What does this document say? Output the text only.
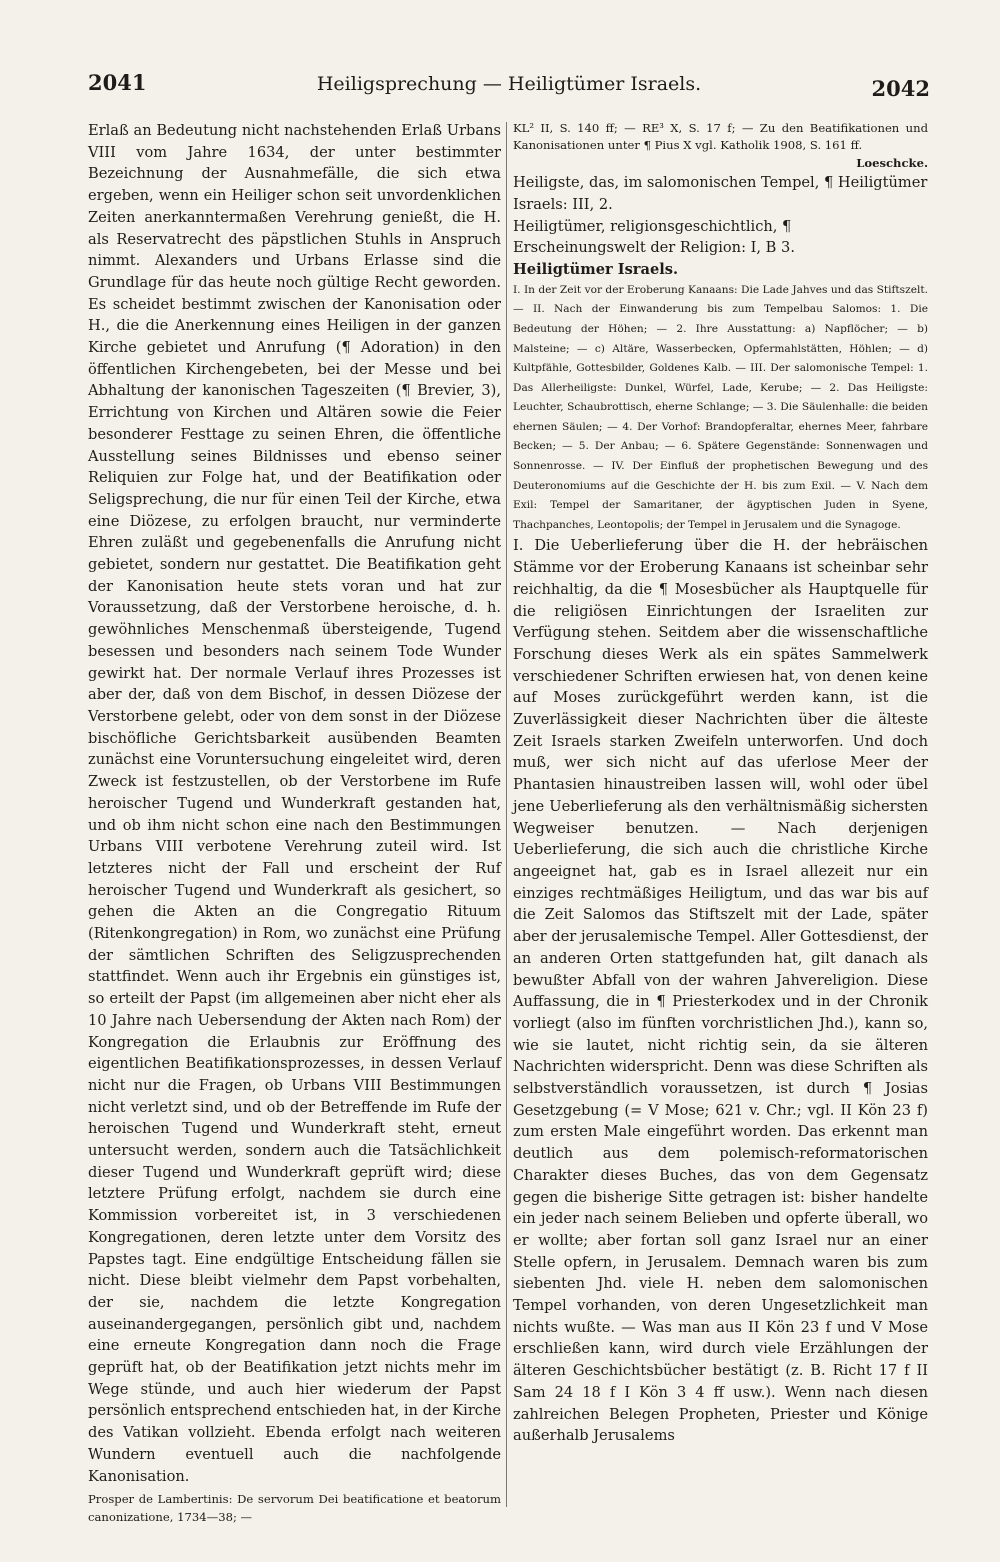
2041	Heiligsprechung — Heiligtümer Israels.	2042

Erlaß an Bedeutung nicht nachstehenden Erlaß Urbans VIII vom Jahre 1634, der unter bestimmter Bezeichnung der Ausnahmefälle, die sich etwa ergeben, wenn ein Heiliger schon seit unvordenklichen Zeiten anerkanntermaßen Verehrung genießt, die H. als Reservatrecht des päpstlichen Stuhls in Anspruch nimmt. Alexanders und Urbans Erlasse sind die Grundlage für das heute noch gültige Recht geworden. Es scheidet bestimmt zwischen der Kanonisation oder H., die die Anerkennung eines Heiligen in der ganzen Kirche gebietet und Anrufung (¶ Adoration) in den öffentlichen Kirchengebeten, bei der Messe und bei Abhaltung der kanonischen Tageszeiten (¶ Brevier, 3), Errichtung von Kirchen und Altären sowie die Feier besonderer Festtage zu seinen Ehren, die öffentliche Ausstellung seines Bildnisses und ebenso seiner Reliquien zur Folge hat, und der Beatifikation oder Seligsprechung, die nur für einen Teil der Kirche, etwa eine Diözese, zu erfolgen braucht, nur verminderte Ehren zuläßt und gegebenenfalls die Anrufung nicht gebietet, sondern nur gestattet. Die Beatifikation geht der Kanonisation heute stets voran und hat zur Voraussetzung, daß der Verstorbene heroische, d. h. gewöhnliches Menschenmaß übersteigende, Tugend besessen und besonders nach seinem Tode Wunder gewirkt hat. Der normale Verlauf ihres Prozesses ist aber der, daß von dem Bischof, in dessen Diözese der Verstorbene gelebt, oder von dem sonst in der Diözese bischöfliche Gerichtsbarkeit ausübenden Beamten zunächst eine Voruntersuchung eingeleitet wird, deren Zweck ist festzustellen, ob der Verstorbene im Rufe heroischer Tugend und Wunderkraft gestanden hat, und ob ihm nicht schon eine nach den Bestimmungen Urbans VIII verbotene Verehrung zuteil wird. Ist letzteres nicht der Fall und erscheint der Ruf heroischer Tugend und Wunderkraft als gesichert, so gehen die Akten an die Congregatio Rituum (Ritenkongregation) in Rom, wo zunächst eine Prüfung der sämtlichen Schriften des Seligzusprechenden stattfindet. Wenn auch ihr Ergebnis ein günstiges ist, so erteilt der Papst (im allgemeinen aber nicht eher als 10 Jahre nach Uebersendung der Akten nach Rom) der Kongregation die Erlaubnis zur Eröffnung des eigentlichen Beatifikationsprozesses, in dessen Verlauf nicht nur die Fragen, ob Urbans VIII Bestimmungen nicht verletzt sind, und ob der Betreffende im Rufe der heroischen Tugend und Wunderkraft steht, erneut untersucht werden, sondern auch die Tatsächlichkeit dieser Tugend und Wunderkraft geprüft wird; diese letztere Prüfung erfolgt, nachdem sie durch eine Kommission vorbereitet ist, in 3 verschiedenen Kongregationen, deren letzte unter dem Vorsitz des Papstes tagt. Eine endgültige Entscheidung fällen sie nicht. Diese bleibt vielmehr dem Papst vorbehalten, der sie, nachdem die letzte Kongregation auseinandergegangen, persönlich gibt und, nachdem eine erneute Kongregation dann noch die Frage geprüft hat, ob der Beatifikation jetzt nichts mehr im Wege stünde, und auch hier wiederum der Papst persönlich entsprechend entschieden hat, in der Kirche des Vatikan vollzieht. Ebenda erfolgt nach weiteren Wundern eventuell auch die nachfolgende Kanonisation.

Prosper de Lambertinis: De servorum Dei beatificatione et beatorum canonizatione, 1734—38; —

KL² II, S. 140 ff; — RE³ X, S. 17 f; — Zu den Beatifikationen und Kanonisationen unter ¶ Pius X vgl. Katholik 1908, S. 161 ff.

Loeschcke.

Heiligste, das, im salomonischen Tempel, ¶ Heiligtümer Israels: III, 2.

Heiligtümer, religionsgeschichtlich, ¶ Erscheinungswelt der Religion: I, B 3.

Heiligtümer Israels.

I. In der Zeit vor der Eroberung Kanaans: Die Lade Jahves und das Stiftszelt. — II. Nach der Einwanderung bis zum Tempelbau Salomos: 1. Die Bedeutung der Höhen; — 2. Ihre Ausstattung: a) Napflöcher; — b) Malsteine; — c) Altäre, Wasserbecken, Opfermahlstätten, Höhlen; — d) Kultpfähle, Gottesbilder, Goldenes Kalb. — III. Der salomonische Tempel: 1. Das Allerheiligste: Dunkel, Würfel, Lade, Kerube; — 2. Das Heiligste: Leuchter, Schaubrottisch, eherne Schlange; — 3. Die Säulenhalle: die beiden ehernen Säulen; — 4. Der Vorhof: Brandopferaltar, ehernes Meer, fahrbare Becken; — 5. Der Anbau; — 6. Spätere Gegenstände: Sonnenwagen und Sonnenrosse. — IV. Der Einfluß der prophetischen Bewegung und des Deuteronomiums auf die Geschichte der H. bis zum Exil. — V. Nach dem Exil: Tempel der Samaritaner, der ägyptischen Juden in Syene, Thachpanches, Leontopolis; der Tempel in Jerusalem und die Synagoge.

I. Die Ueberlieferung über die H. der hebräischen Stämme vor der Eroberung Kanaans ist scheinbar sehr reichhaltig, da die ¶ Mosesbücher als Hauptquelle für die religiösen Einrichtungen der Israeliten zur Verfügung stehen. Seitdem aber die wissenschaftliche Forschung dieses Werk als ein spätes Sammelwerk verschiedener Schriften erwiesen hat, von denen keine auf Moses zurückgeführt werden kann, ist die Zuverlässigkeit dieser Nachrichten über die älteste Zeit Israels starken Zweifeln unterworfen. Und doch muß, wer sich nicht auf das uferlose Meer der Phantasien hinaustreiben lassen will, wohl oder übel jene Ueberlieferung als den verhältnismäßig sichersten Wegweiser benutzen. — Nach derjenigen Ueberlieferung, die sich auch die christliche Kirche angeeignet hat, gab es in Israel allezeit nur ein einziges rechtmäßiges Heiligtum, und das war bis auf die Zeit Salomos das Stiftszelt mit der Lade, später aber der jerusalemische Tempel. Aller Gottesdienst, der an anderen Orten stattgefunden hat, gilt danach als bewußter Abfall von der wahren Jahvereligion. Diese Auffassung, die in ¶ Priesterkodex und in der Chronik vorliegt (also im fünften vorchristlichen Jhd.), kann so, wie sie lautet, nicht richtig sein, da sie älteren Nachrichten widerspricht. Denn was diese Schriften als selbstverständlich voraussetzen, ist durch ¶ Josias Gesetzgebung (= V Mose; 621 v. Chr.; vgl. II Kön 23 f) zum ersten Male eingeführt worden. Das erkennt man deutlich aus dem polemisch-reformatorischen Charakter dieses Buches, das von dem Gegensatz gegen die bisherige Sitte getragen ist: bisher handelte ein jeder nach seinem Belieben und opferte überall, wo er wollte; aber fortan soll ganz Israel nur an einer Stelle opfern, in Jerusalem. Demnach waren bis zum siebenten Jhd. viele H. neben dem salomonischen Tempel vorhanden, von deren Ungesetzlichkeit man nichts wußte. — Was man aus II Kön 23 f und V Mose erschließen kann, wird durch viele Erzählungen der älteren Geschichtsbücher bestätigt (z. B. Richt 17 f II Sam 24 18 f I Kön 3 4 ff usw.). Wenn nach diesen zahlreichen Belegen Propheten, Priester und Könige außerhalb Jerusalems
